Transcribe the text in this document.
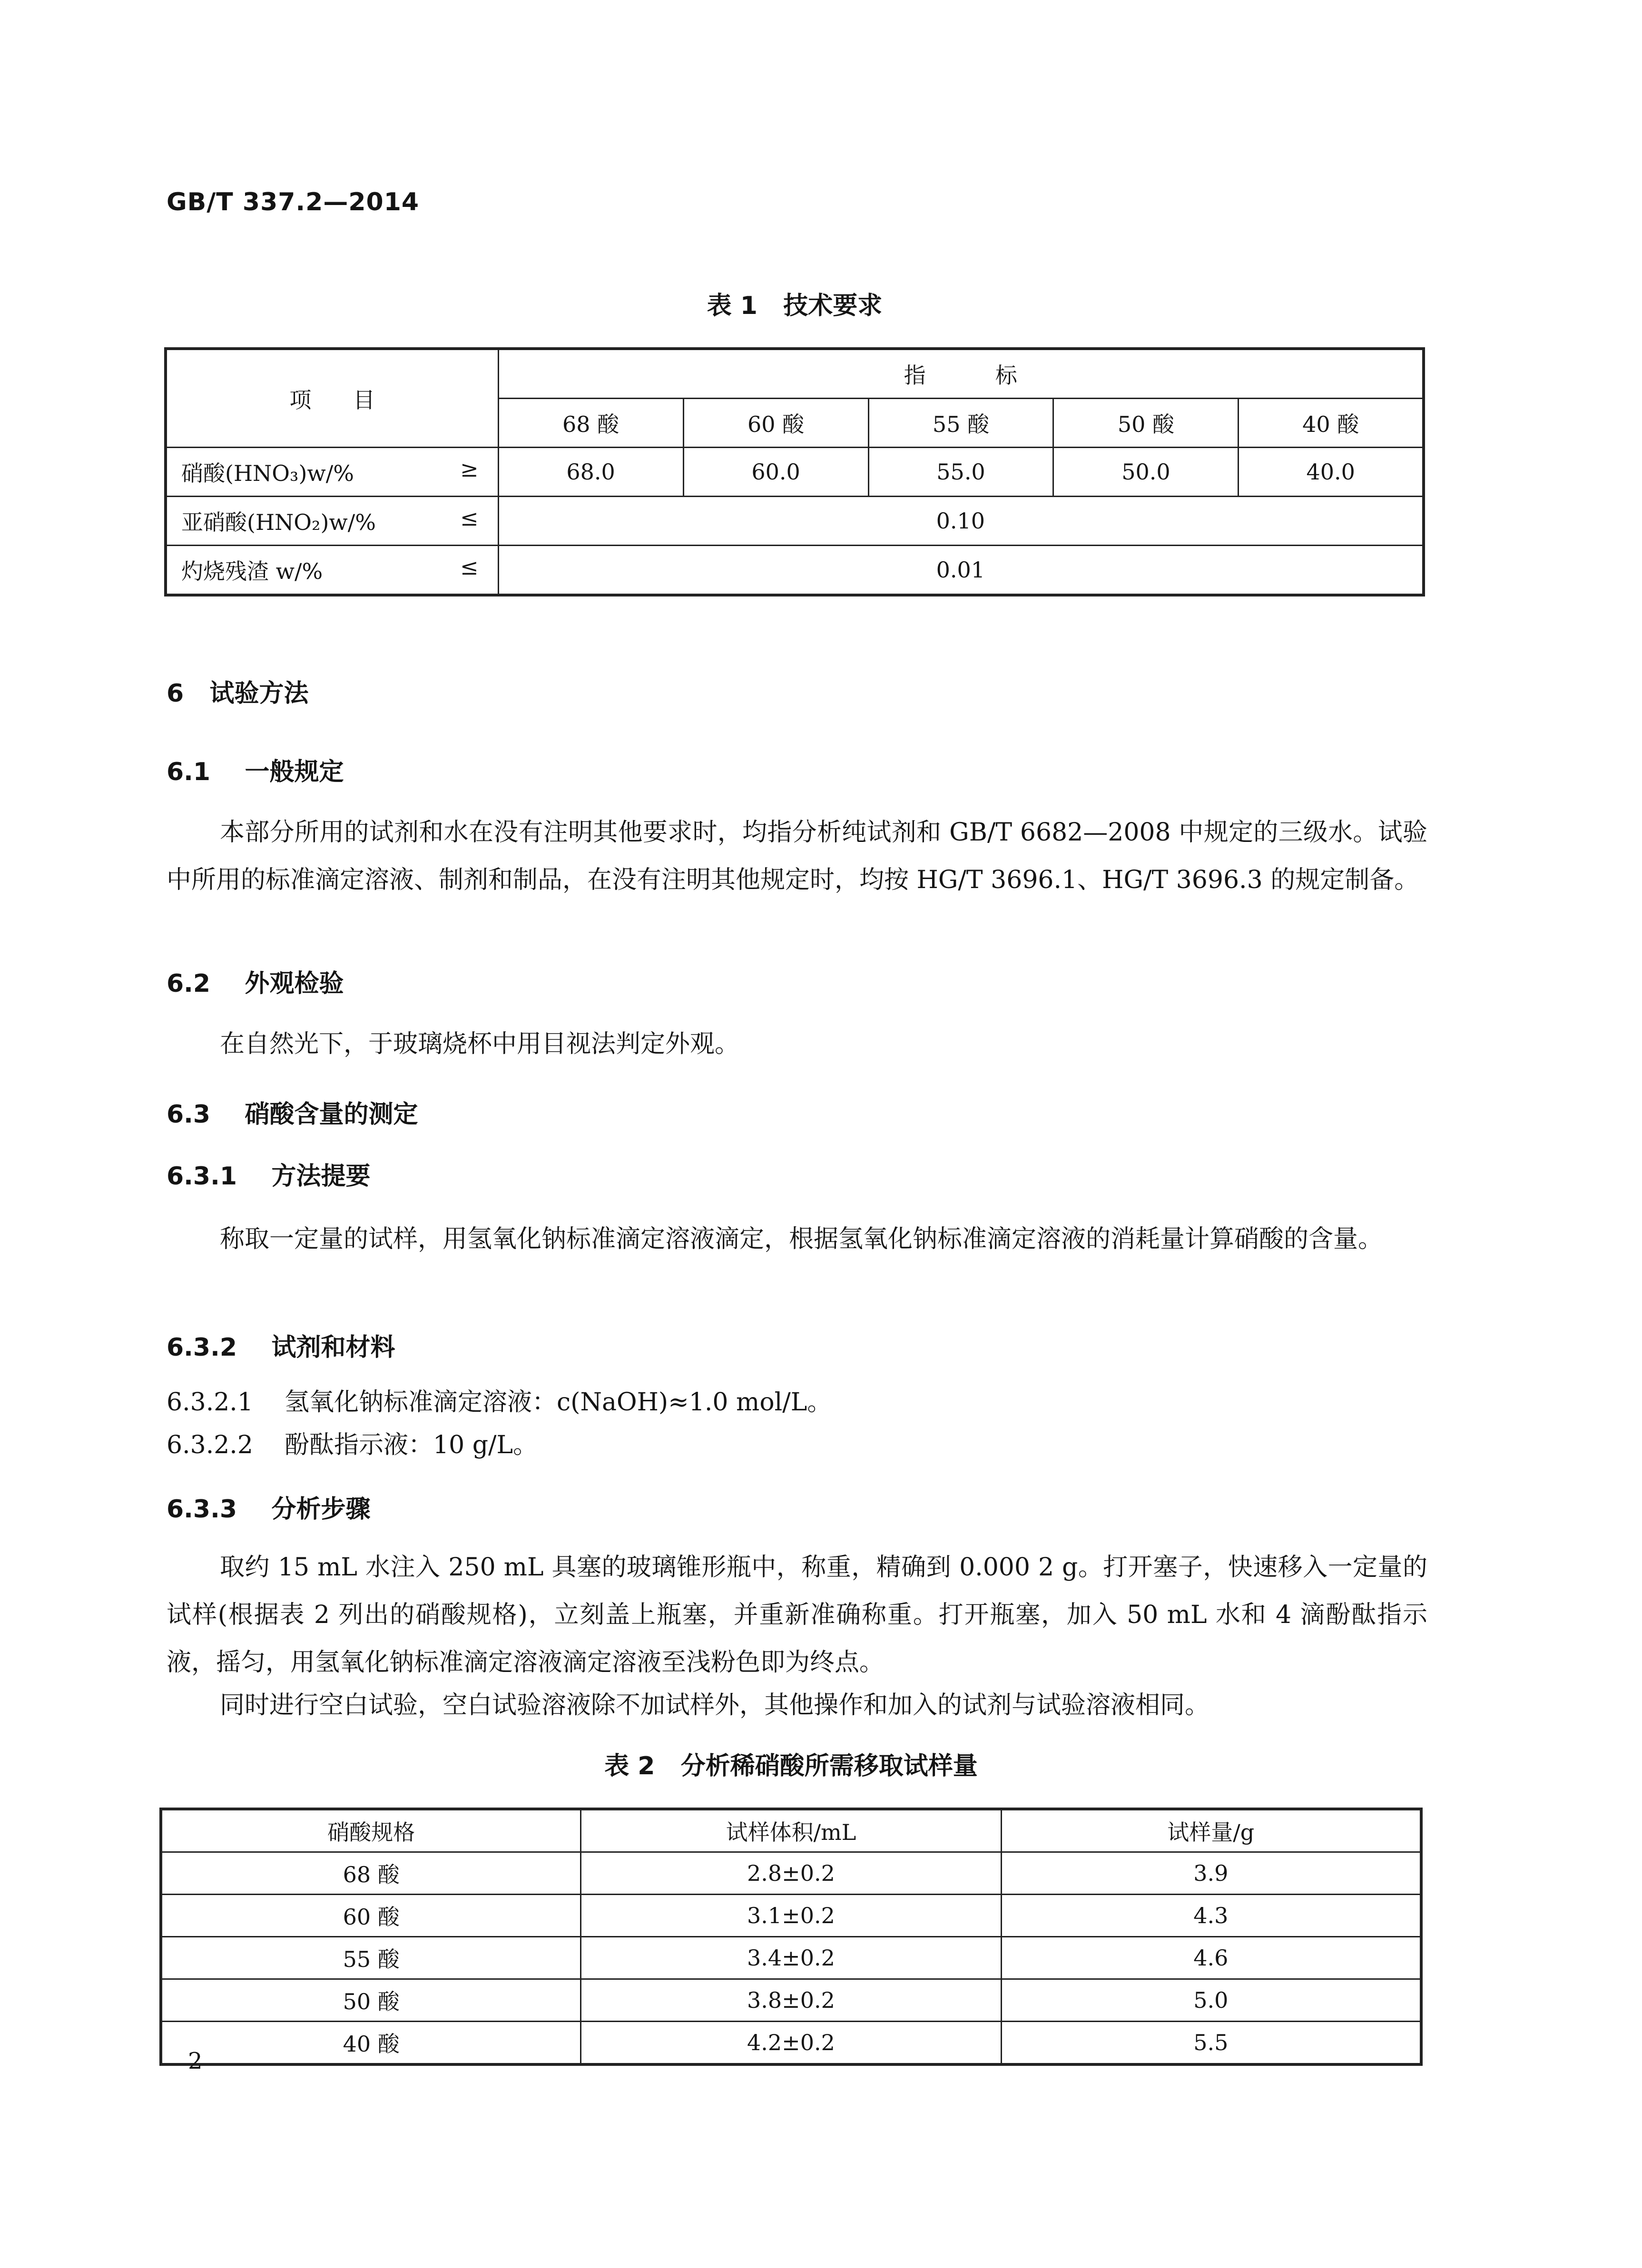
GB/T 337.2—2014
表 1   技术要求
项      目	指          标				
	68 酸	60 酸	55 酸	50 酸	40 酸
硝酸(HNO₃)w/% ≥	68.0	60.0	55.0	50.0	40.0
亚硝酸(HNO₂)w/% ≤	0.10				
灼烧残渣 w/% ≤	0.01				
6   试验方法
6.1    一般规定
本部分所用的试剂和水在没有注明其他要求时，均指分析纯试剂和 GB/T 6682—2008 中规定的三级水。试验中所用的标准滴定溶液、制剂和制品，在没有注明其他规定时，均按 HG/T 3696.1、HG/T 3696.3 的规定制备。
6.2    外观检验
在自然光下，于玻璃烧杯中用目视法判定外观。
6.3    硝酸含量的测定
6.3.1    方法提要
称取一定量的试样，用氢氧化钠标准滴定溶液滴定，根据氢氧化钠标准滴定溶液的消耗量计算硝酸的含量。
6.3.2    试剂和材料
6.3.2.1    氢氧化钠标准滴定溶液：c(NaOH)≈1.0 mol/L。
6.3.2.2    酚酞指示液：10 g/L。
6.3.3    分析步骤
取约 15 mL 水注入 250 mL 具塞的玻璃锥形瓶中，称重，精确到 0.000 2 g。打开塞子，快速移入一定量的试样(根据表 2 列出的硝酸规格)，立刻盖上瓶塞，并重新准确称重。打开瓶塞，加入 50 mL 水和 4 滴酚酞指示液，摇匀，用氢氧化钠标准滴定溶液滴定溶液至浅粉色即为终点。
同时进行空白试验，空白试验溶液除不加试样外，其他操作和加入的试剂与试验溶液相同。
表 2   分析稀硝酸所需移取试样量
硝酸规格	试样体积/mL	试样量/g
68 酸	2.8±0.2	3.9
60 酸	3.1±0.2	4.3
55 酸	3.4±0.2	4.6
50 酸	3.8±0.2	5.0
40 酸	4.2±0.2	5.5
2
